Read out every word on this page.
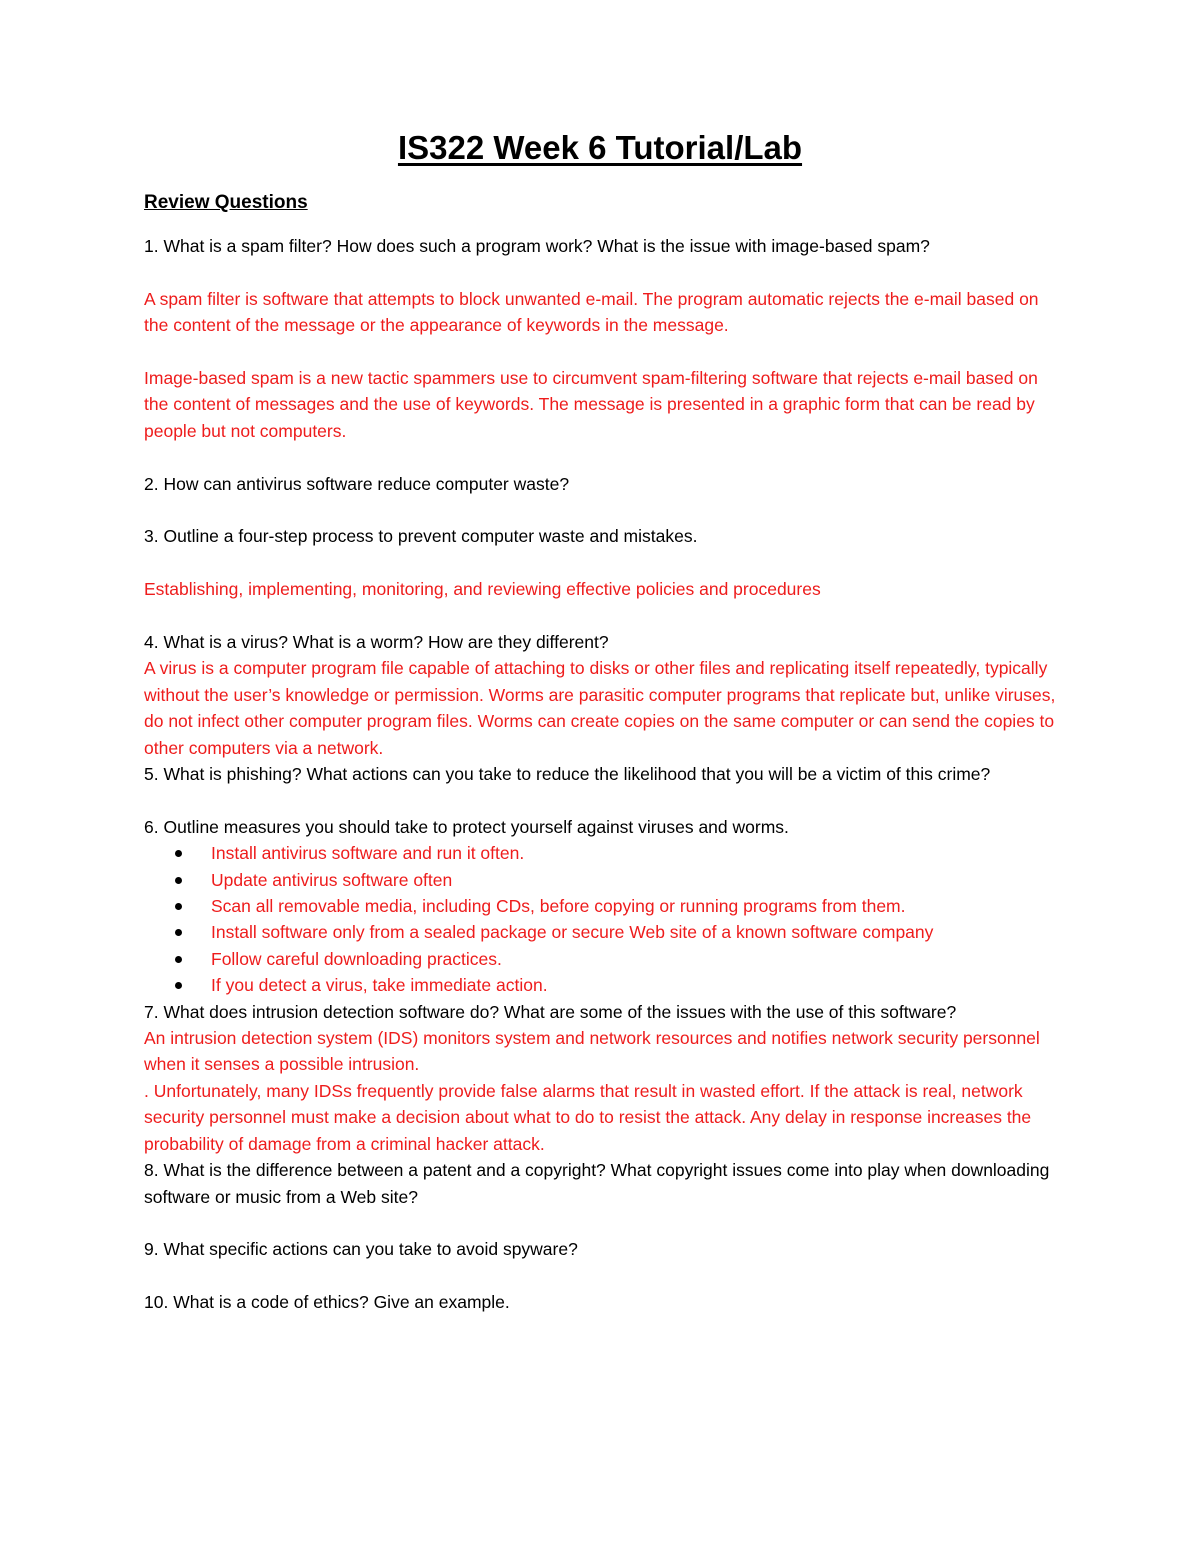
IS322 Week 6 Tutorial/Lab
Review Questions

1. What is a spam filter? How does such a program work? What is the issue with image-based spam?

A spam filter is software that attempts to block unwanted e-mail. The program automatic rejects the e-mail based on the content of the message or the appearance of keywords in the message.

Image-based spam is a new tactic spammers use to circumvent spam-filtering software that rejects e-mail based on the content of messages and the use of keywords. The message is presented in a graphic form that can be read by people but not computers.

2. How can antivirus software reduce computer waste?

3. Outline a four-step process to prevent computer waste and mistakes.

Establishing, implementing, monitoring, and reviewing effective policies and procedures

4. What is a virus? What is a worm? How are they different?

A virus is a computer program file capable of attaching to disks or other files and replicating itself repeatedly, typically without the user’s knowledge or permission. Worms are parasitic computer programs that replicate but, unlike viruses, do not infect other computer program files. Worms can create copies on the same computer or can send the copies to other computers via a network.

5. What is phishing? What actions can you take to reduce the likelihood that you will be a victim of this crime?

6. Outline measures you should take to protect yourself against viruses and worms.

Install antivirus software and run it often.
Update antivirus software often
Scan all removable media, including CDs, before copying or running programs from them.
Install software only from a sealed package or secure Web site of a known software company
Follow careful downloading practices.
If you detect a virus, take immediate action.

7. What does intrusion detection software do? What are some of the issues with the use of this software?

An intrusion detection system (IDS) monitors system and network resources and notifies network security personnel when it senses a possible intrusion.

. Unfortunately, many IDSs frequently provide false alarms that result in wasted effort. If the attack is real, network security personnel must make a decision about what to do to resist the attack. Any delay in response increases the probability of damage from a criminal hacker attack.

8. What is the difference between a patent and a copyright? What copyright issues come into play when downloading software or music from a Web site?

9. What specific actions can you take to avoid spyware?

10. What is a code of ethics? Give an example.
